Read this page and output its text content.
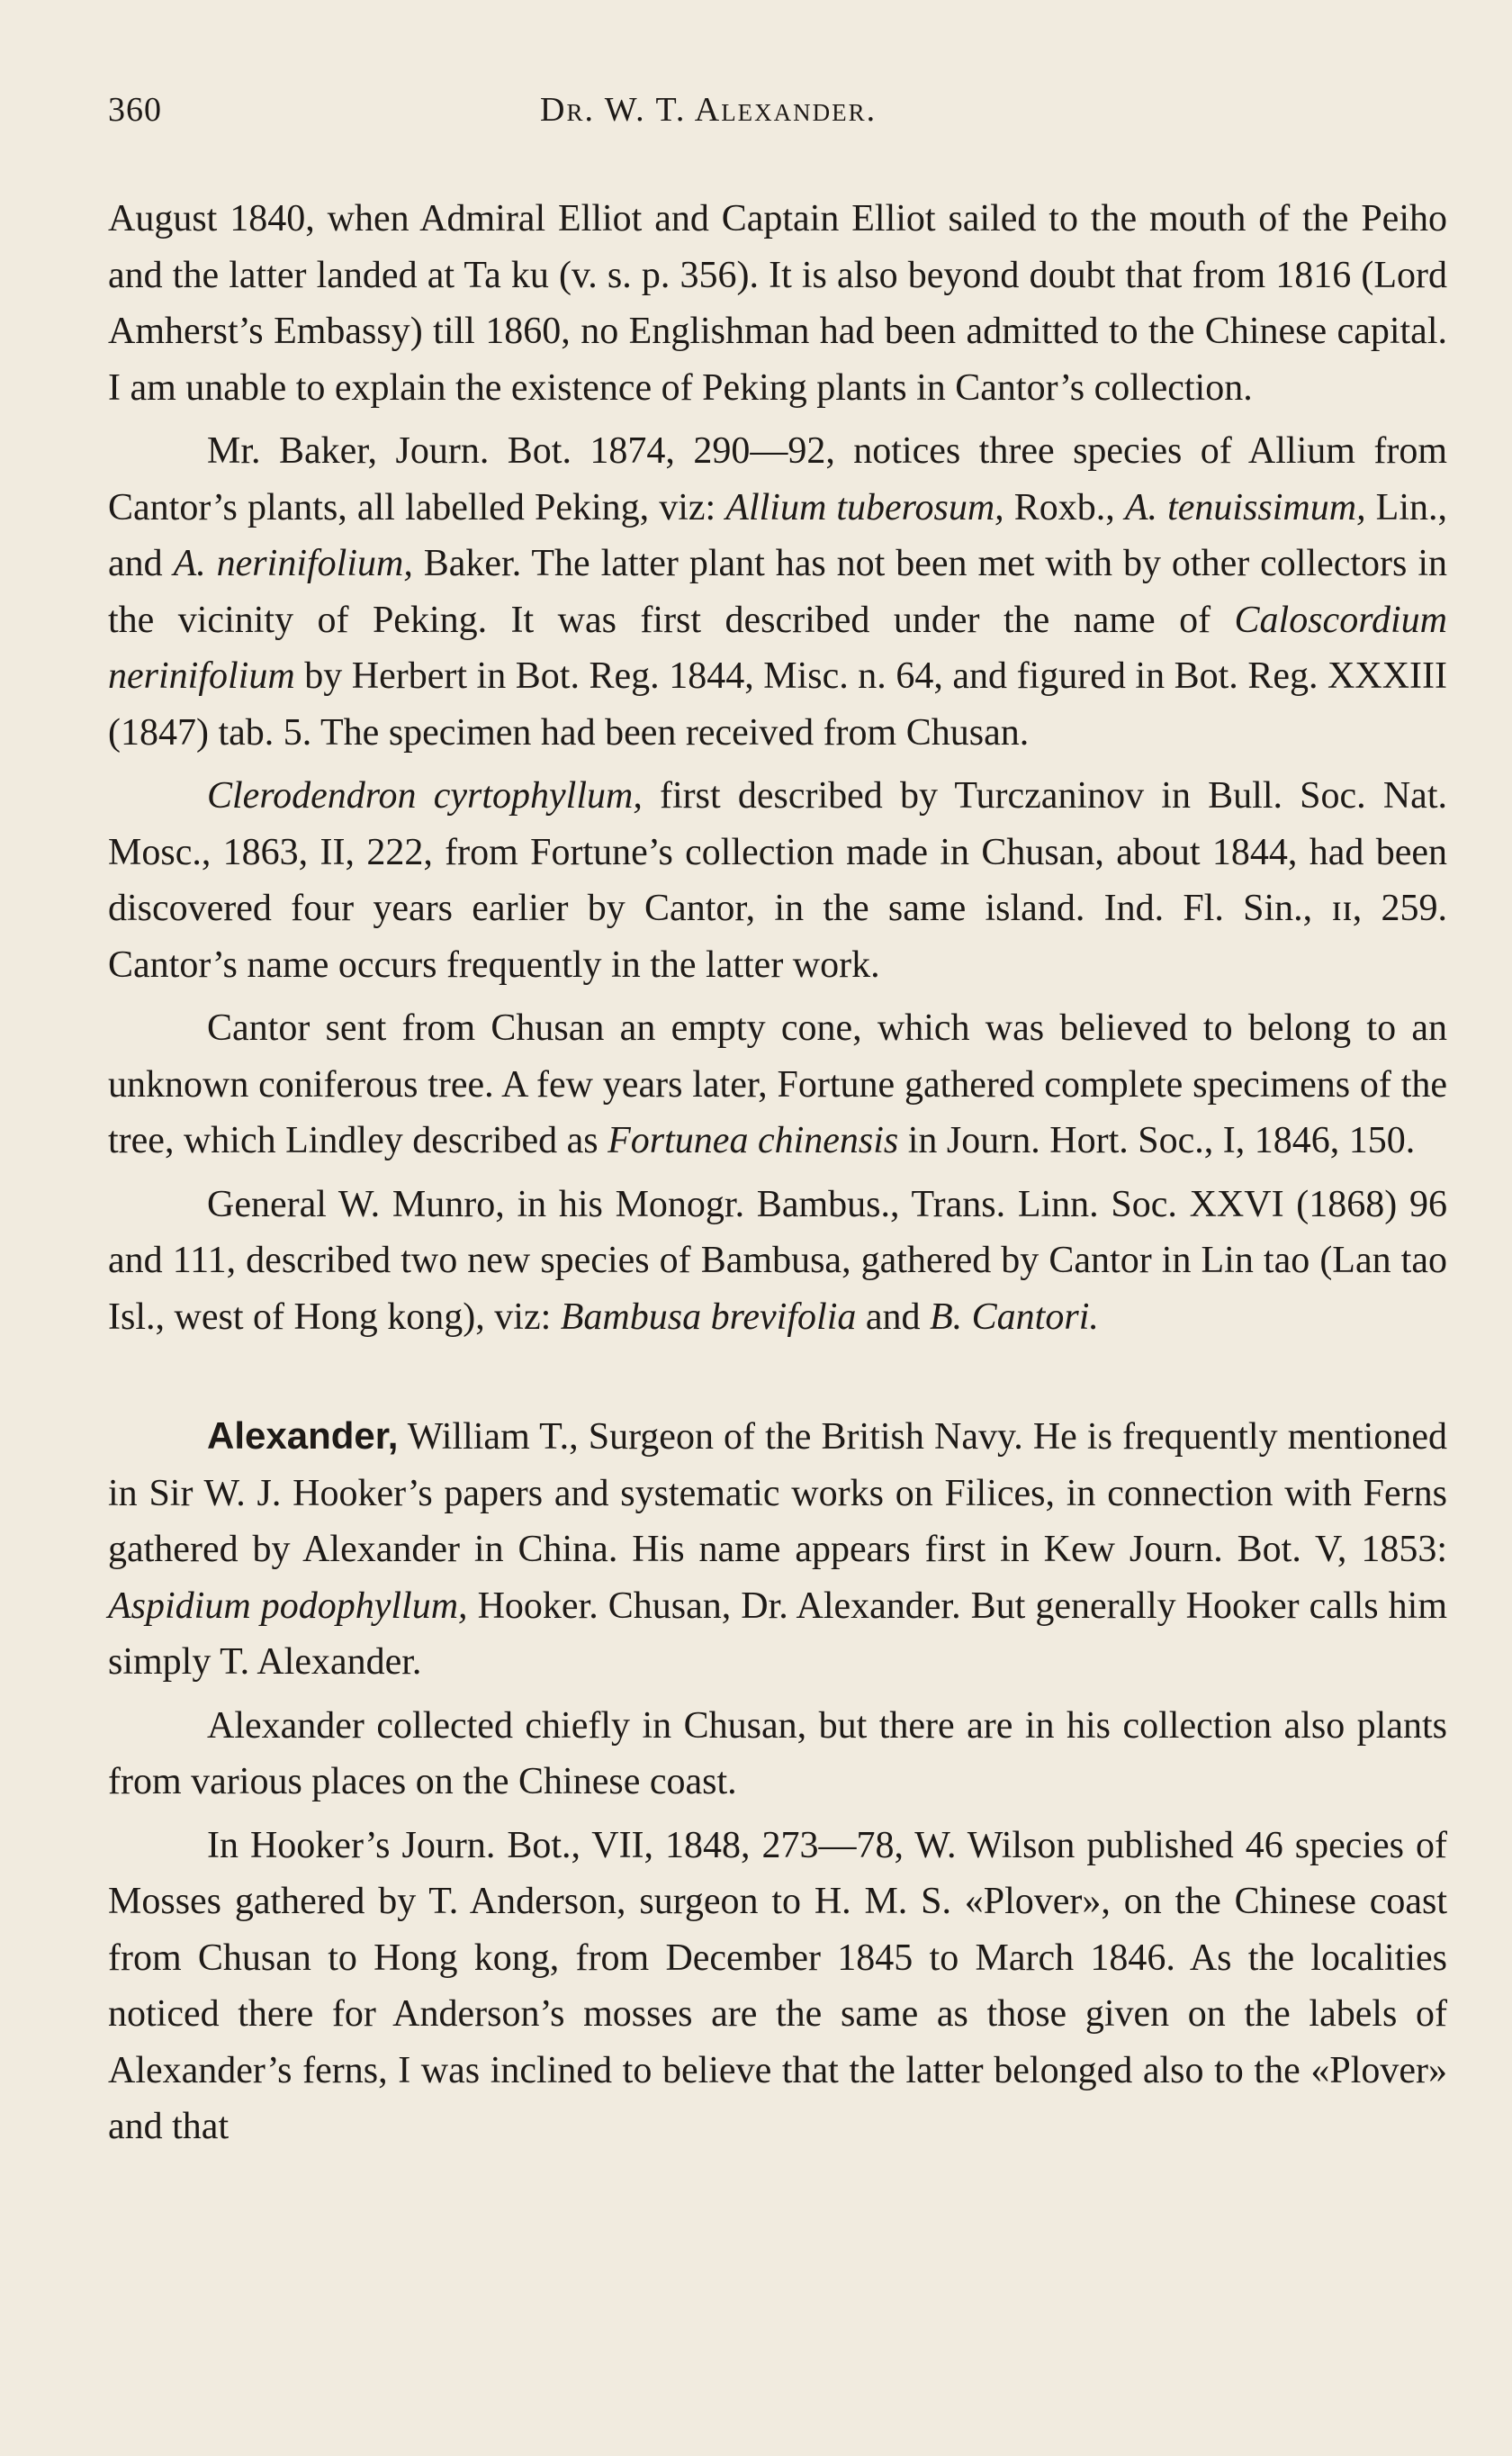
360	Dr. W. T. Alexander.

August 1840, when Admiral Elliot and Captain Elliot sailed to the mouth of the Peiho and the latter landed at Ta ku (v. s. p. 356). It is also beyond doubt that from 1816 (Lord Amherst’s Embassy) till 1860, no Englishman had been admitted to the Chinese capital. I am unable to explain the existence of Peking plants in Cantor’s collection.

Mr. Baker, Journ. Bot. 1874, 290—92, notices three species of Allium from Cantor’s plants, all labelled Peking, viz: Allium tuberosum, Roxb., A. tenuissimum, Lin., and A. nerinifolium, Baker. The latter plant has not been met with by other collectors in the vicinity of Peking. It was first described under the name of Caloscordium nerinifolium by Herbert in Bot. Reg. 1844, Misc. n. 64, and figured in Bot. Reg. XXXIII (1847) tab. 5. The specimen had been received from Chusan.

Clerodendron cyrtophyllum, first described by Turczaninov in Bull. Soc. Nat. Mosc., 1863, II, 222, from Fortune’s collection made in Chusan, about 1844, had been discovered four years earlier by Cantor, in the same island. Ind. Fl. Sin., ɪɪ, 259. Cantor’s name occurs frequently in the latter work.

Cantor sent from Chusan an empty cone, which was believed to belong to an unknown coniferous tree. A few years later, Fortune gathered complete specimens of the tree, which Lindley described as Fortunea chinensis in Journ. Hort. Soc., I, 1846, 150.

General W. Munro, in his Monogr. Bambus., Trans. Linn. Soc. XXVI (1868) 96 and 111, described two new species of Bambusa, gathered by Cantor in Lin tao (Lan tao Isl., west of Hong kong), viz: Bambusa brevifolia and B. Cantori.

Alexander, William T., Surgeon of the British Navy. He is frequently mentioned in Sir W. J. Hooker’s papers and systematic works on Filices, in connection with Ferns gathered by Alexander in China. His name appears first in Kew Journ. Bot. V, 1853: Aspidium podophyllum, Hooker. Chusan, Dr. Alexander. But generally Hooker calls him simply T. Alexander.

Alexander collected chiefly in Chusan, but there are in his collection also plants from various places on the Chinese coast.

In Hooker’s Journ. Bot., VII, 1848, 273—78, W. Wilson published 46 species of Mosses gathered by T. Anderson, surgeon to H. M. S. «Plover», on the Chinese coast from Chusan to Hong kong, from December 1845 to March 1846. As the localities noticed there for Anderson’s mosses are the same as those given on the labels of Alexander’s ferns, I was inclined to believe that the latter belonged also to the «Plover» and that
